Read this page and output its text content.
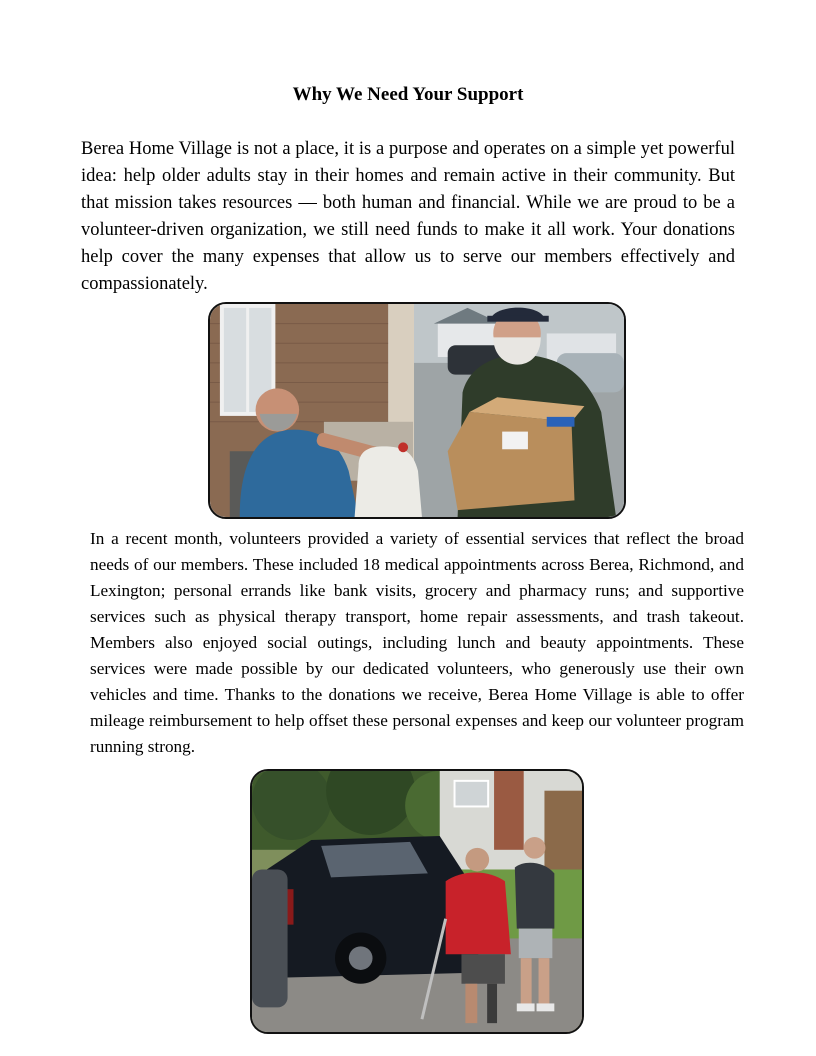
Why We Need Your Support

Berea Home Village is not a place, it is a purpose and operates on a simple yet powerful idea: help older adults stay in their homes and remain active in their community. But that mission takes resources — both human and financial. While we are proud to be a volunteer-driven organization, we still need funds to make it all work. Your donations help cover the many expenses that allow us to serve our members effectively and compassionately.

In a recent month, volunteers provided a variety of essential services that reflect the broad needs of our members. These included 18 medical appointments across Berea, Richmond, and Lexington; personal errands like bank visits, grocery and pharmacy runs; and supportive services such as physical therapy transport, home repair assessments, and trash takeout. Members also enjoyed social outings, including lunch and beauty appointments. These services were made possible by our dedicated volunteers, who generously use their own vehicles and time. Thanks to the donations we receive, Berea Home Village is able to offer mileage reimbursement to help offset these personal expenses and keep our volunteer program running strong.
